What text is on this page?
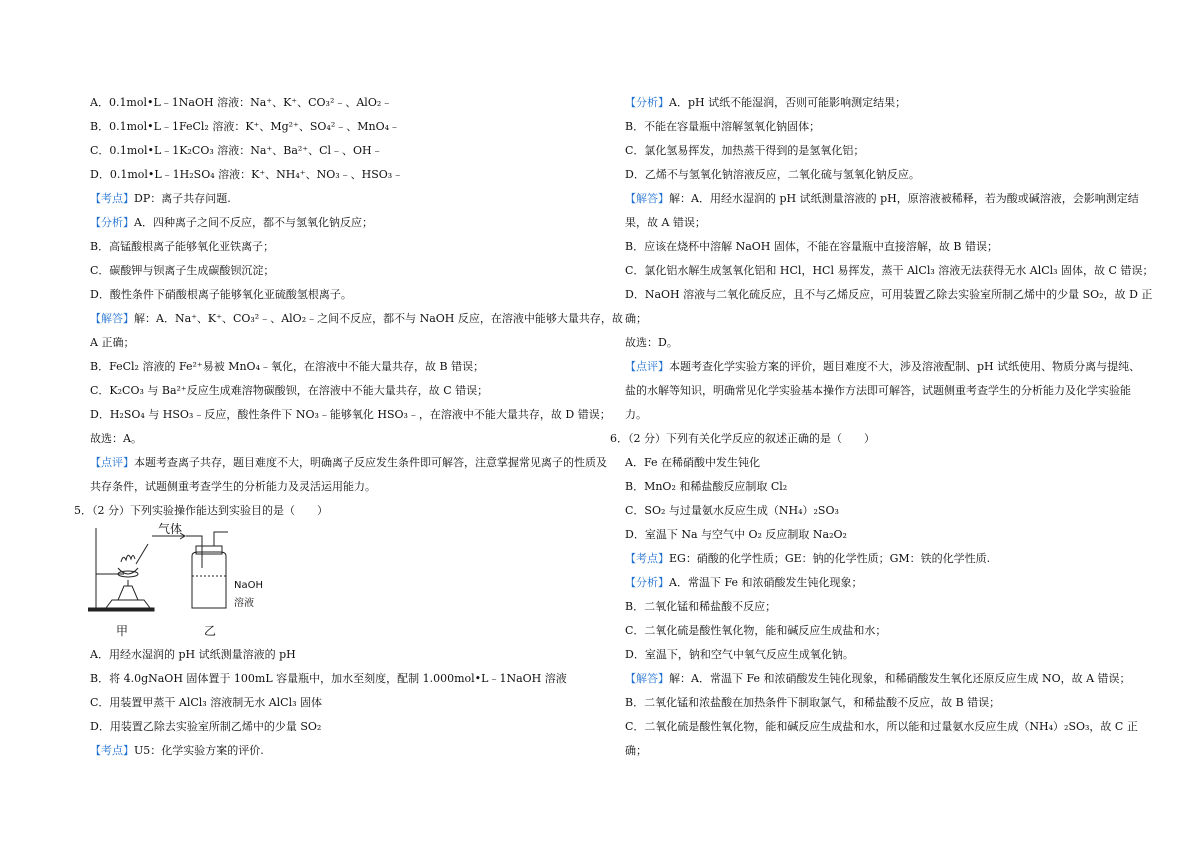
A．0.1mol•L﹣1NaOH 溶液：Na⁺、K⁺、CO₃²﹣、AlO₂﹣
B．0.1mol•L﹣1FeCl₂ 溶液：K⁺、Mg²⁺、SO₄²﹣、MnO₄﹣
C．0.1mol•L﹣1K₂CO₃ 溶液：Na⁺、Ba²⁺、Cl﹣、OH﹣
D．0.1mol•L﹣1H₂SO₄ 溶液：K⁺、NH₄⁺、NO₃﹣、HSO₃﹣
【考点】DP：离子共存问题.
【分析】A．四种离子之间不反应，都不与氢氧化钠反应；
B．高锰酸根离子能够氧化亚铁离子；
C．碳酸钾与钡离子生成碳酸钡沉淀；
D．酸性条件下硝酸根离子能够氧化亚硫酸氢根离子。
【解答】解：A．Na⁺、K⁺、CO₃²﹣、AlO₂﹣之间不反应，都不与 NaOH 反应，在溶液中能够大量共存，故
A 正确；
B．FeCl₂ 溶液的 Fe²⁺易被 MnO₄﹣氧化，在溶液中不能大量共存，故 B 错误；
C．K₂CO₃ 与 Ba²⁺反应生成难溶物碳酸钡，在溶液中不能大量共存，故 C 错误；
D．H₂SO₄ 与 HSO₃﹣反应，酸性条件下 NO₃﹣能够氧化 HSO₃﹣，在溶液中不能大量共存，故 D 错误；
故选：A。
【点评】本题考查离子共存，题目难度不大，明确离子反应发生条件即可解答，注意掌握常见离子的性质及
共存条件，试题侧重考查学生的分析能力及灵活运用能力。
5．（2 分）下列实验操作能达到实验目的是（　　）
气体
NaOH
溶液
甲	乙
A．用经水湿润的 pH 试纸测量溶液的 pH
B．将 4.0gNaOH 固体置于 100mL 容量瓶中，加水至刻度，配制 1.000mol•L﹣1NaOH 溶液
C．用装置甲蒸干 AlCl₃ 溶液制无水 AlCl₃ 固体
D．用装置乙除去实验室所制乙烯中的少量 SO₂
【考点】U5：化学实验方案的评价.
【分析】A．pH 试纸不能湿润，否则可能影响测定结果；
B．不能在容量瓶中溶解氢氧化钠固体；
C．氯化氢易挥发，加热蒸干得到的是氢氧化铝；
D．乙烯不与氢氧化钠溶液反应，二氧化硫与氢氧化钠反应。
【解答】解：A．用经水湿润的 pH 试纸测量溶液的 pH，原溶液被稀释，若为酸或碱溶液，会影响测定结
果，故 A 错误；
B．应该在烧杯中溶解 NaOH 固体，不能在容量瓶中直接溶解，故 B 错误；
C．氯化铝水解生成氢氧化铝和 HCl，HCl 易挥发，蒸干 AlCl₃ 溶液无法获得无水 AlCl₃ 固体，故 C 错误；
D．NaOH 溶液与二氧化硫反应，且不与乙烯反应，可用装置乙除去实验室所制乙烯中的少量 SO₂，故 D 正
确；
故选：D。
【点评】本题考查化学实验方案的评价，题目难度不大，涉及溶液配制、pH 试纸使用、物质分离与提纯、
盐的水解等知识，明确常见化学实验基本操作方法即可解答，试题侧重考查学生的分析能力及化学实验能
力。
6．（2 分）下列有关化学反应的叙述正确的是（　　）
A．Fe 在稀硝酸中发生钝化
B．MnO₂ 和稀盐酸反应制取 Cl₂
C．SO₂ 与过量氨水反应生成（NH₄）₂SO₃
D．室温下 Na 与空气中 O₂ 反应制取 Na₂O₂
【考点】EG：硝酸的化学性质；GE：钠的化学性质；GM：铁的化学性质.
【分析】A．常温下 Fe 和浓硝酸发生钝化现象；
B．二氧化锰和稀盐酸不反应；
C．二氧化硫是酸性氧化物，能和碱反应生成盐和水；
D．室温下，钠和空气中氧气反应生成氧化钠。
【解答】解：A．常温下 Fe 和浓硝酸发生钝化现象，和稀硝酸发生氧化还原反应生成 NO，故 A 错误；
B．二氧化锰和浓盐酸在加热条件下制取氯气，和稀盐酸不反应，故 B 错误；
C．二氧化硫是酸性氧化物，能和碱反应生成盐和水，所以能和过量氨水反应生成（NH₄）₂SO₃，故 C 正
确；
